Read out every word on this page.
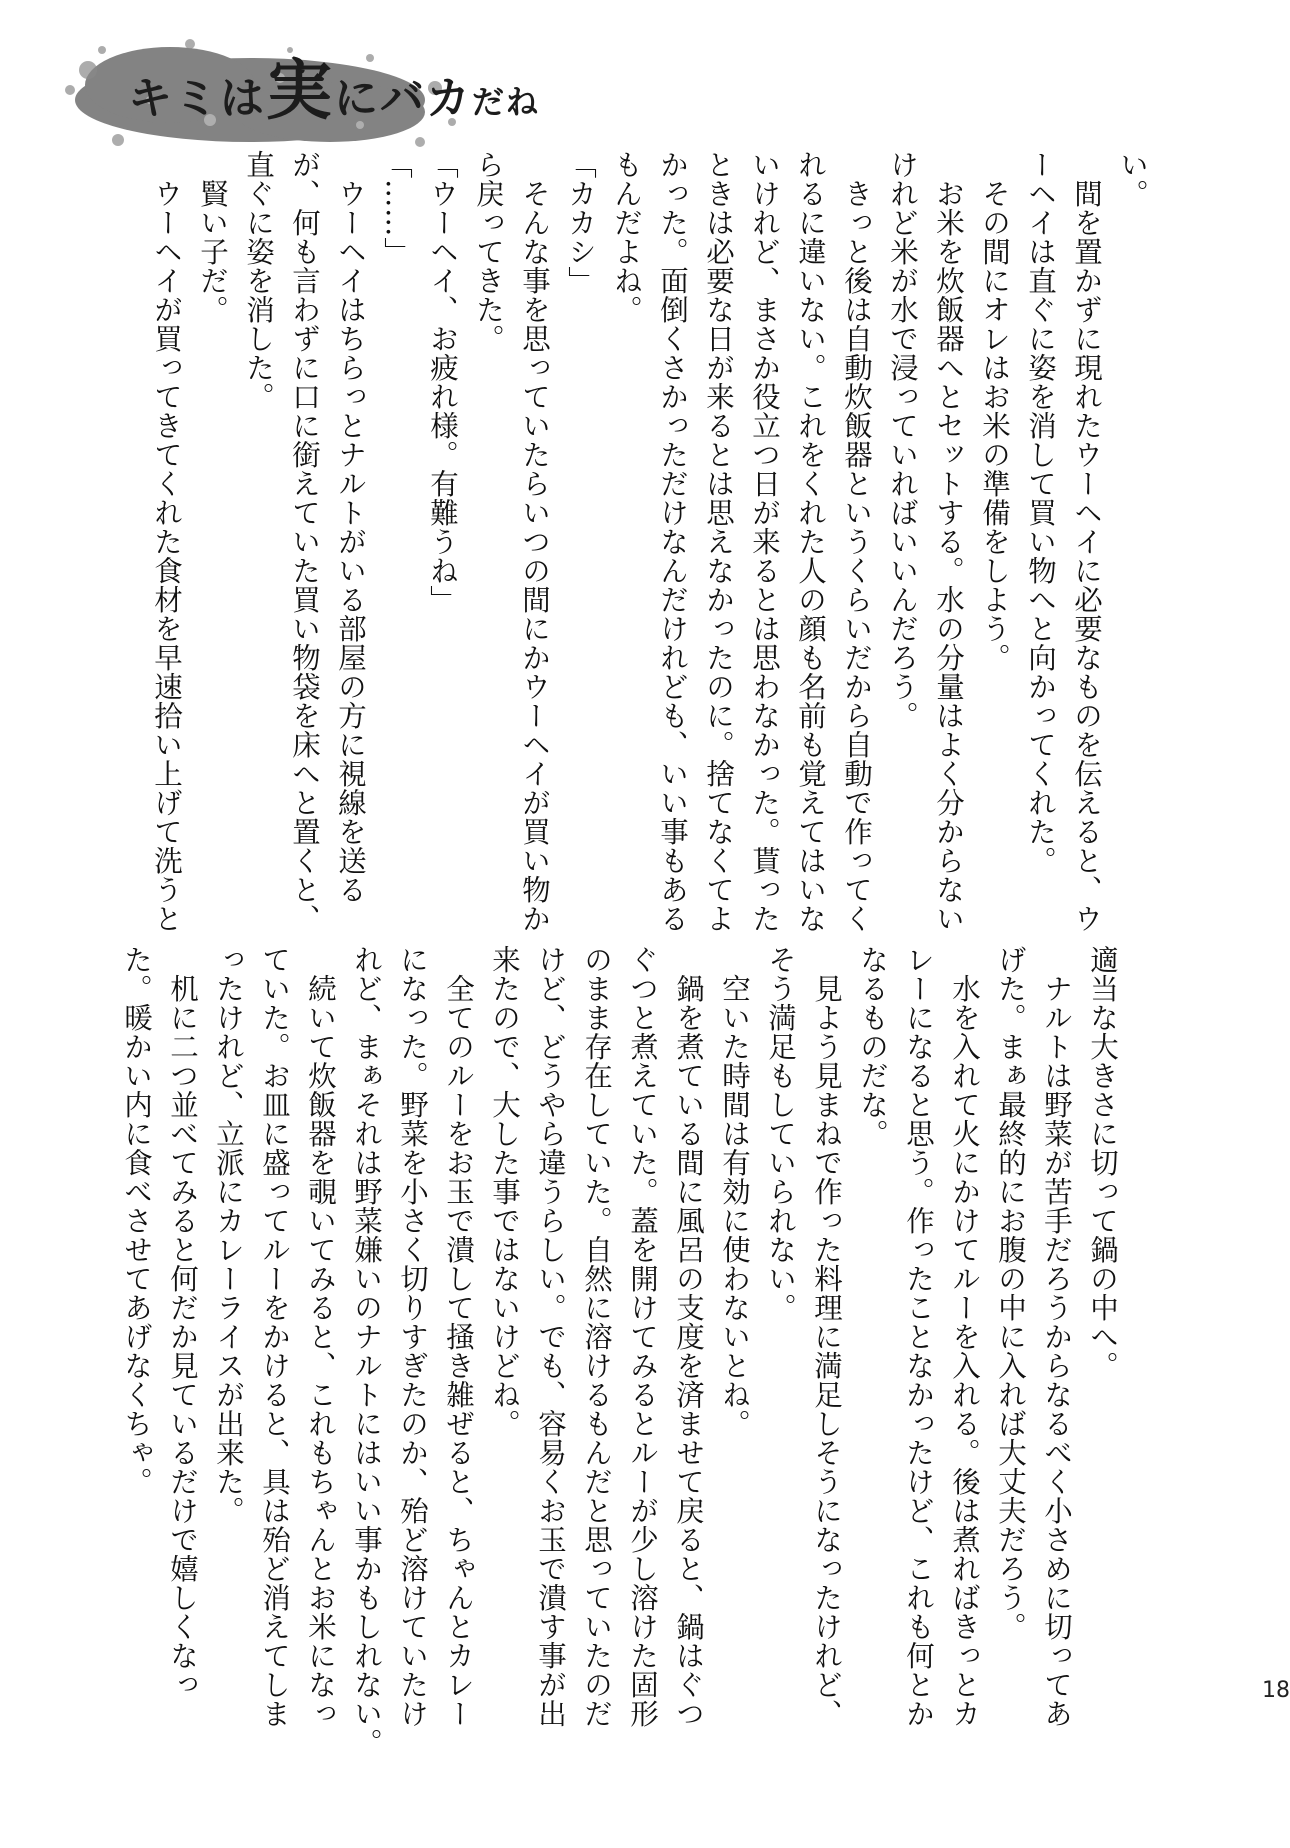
キミは実にバカだね

い。

　間を置かずに現れたウーヘイに必要なものを伝えると、ウ

ーヘイは直ぐに姿を消して買い物へと向かってくれた。

　その間にオレはお米の準備をしよう。

　お米を炊飯器へとセットする。水の分量はよく分からない

けれど米が水で浸っていればいいんだろう。

　きっと後は自動炊飯器というくらいだから自動で作ってく

れるに違いない。これをくれた人の顔も名前も覚えてはいな

いけれど、まさか役立つ日が来るとは思わなかった。貰った

ときは必要な日が来るとは思えなかったのに。捨てなくてよ

かった。面倒くさかっただけなんだけれども、いい事もある

もんだよね。

「カカシ」

　そんな事を思っていたらいつの間にかウーヘイが買い物か

ら戻ってきた。

「ウーヘイ、お疲れ様。有難うね」

「……」

　ウーヘイはちらっとナルトがいる部屋の方に視線を送る

が、何も言わずに口に銜えていた買い物袋を床へと置くと、

直ぐに姿を消した。

　賢い子だ。

　ウーヘイが買ってきてくれた食材を早速拾い上げて洗うと

適当な大きさに切って鍋の中へ。

　ナルトは野菜が苦手だろうからなるべく小さめに切ってあ

げた。まぁ最終的にお腹の中に入れば大丈夫だろう。

　水を入れて火にかけてルーを入れる。後は煮ればきっとカ

レーになると思う。作ったことなかったけど、これも何とか

なるものだな。

　見よう見まねで作った料理に満足しそうになったけれど、

そう満足もしていられない。

　空いた時間は有効に使わないとね。

　鍋を煮ている間に風呂の支度を済ませて戻ると、鍋はぐつ

ぐつと煮えていた。蓋を開けてみるとルーが少し溶けた固形

のまま存在していた。自然に溶けるもんだと思っていたのだ

けど、どうやら違うらしい。でも、容易くお玉で潰す事が出

来たので、大した事ではないけどね。

　全てのルーをお玉で潰して掻き雑ぜると、ちゃんとカレー

になった。野菜を小さく切りすぎたのか、殆ど溶けていたけ

れど、まぁそれは野菜嫌いのナルトにはいい事かもしれない。

　続いて炊飯器を覗いてみると、これもちゃんとお米になっ

ていた。お皿に盛ってルーをかけると、具は殆ど消えてしま

ったけれど、立派にカレーライスが出来た。

　机に二つ並べてみると何だか見ているだけで嬉しくなっ

た。暖かい内に食べさせてあげなくちゃ。

18
